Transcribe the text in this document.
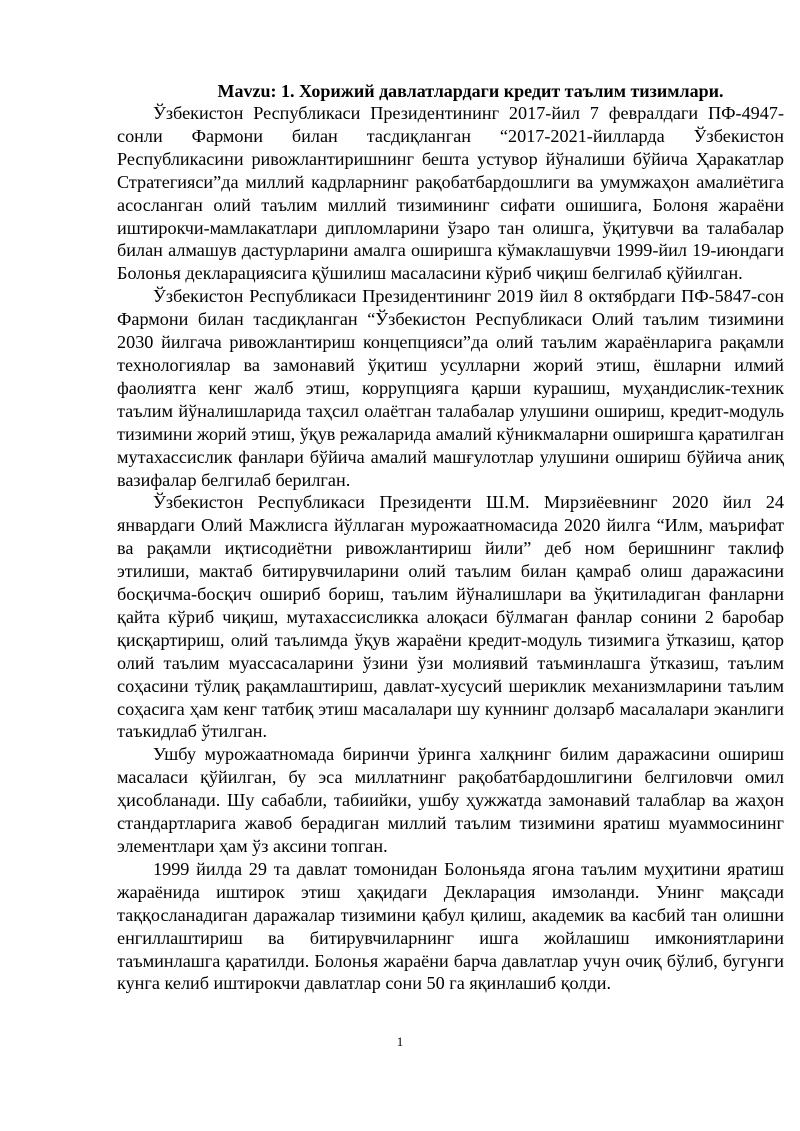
Mavzu: 1. Хорижий давлатлардаги кредит таълим тизимлари.

Ўзбекистон Республикаси Президентининг 2017-йил 7 февралдаги ПФ-4947-сонли Фармони билан тасдиқланган “2017-2021-йилларда Ўзбекистон Республикасини ривожлантиришнинг бешта устувор йўналиши бўйича Ҳаракатлар Стратегияси”да миллий кадрларнинг рақобатбардошлиги ва умумжаҳон амалиётига асосланган олий таълим миллий тизимининг сифати ошишига, Болоня жараёни иштирокчи-мамлакатлари дипломларини ўзаро тан олишга, ўқитувчи ва талабалар билан алмашув дастурларини амалга оширишга кўмаклашувчи 1999-йил 19-июндаги Болонья декларациясига қўшилиш масаласини кўриб чиқиш белгилаб қўйилган.

Ўзбекистон Республикаси Президентининг 2019 йил 8 октябрдаги ПФ-5847-сон Фармони билан тасдиқланган “Ўзбекистон Республикаси Олий таълим тизимини 2030 йилгача ривожлантириш концепцияси”да олий таълим жараёнларига рақамли технологиялар ва замонавий ўқитиш усулларни жорий этиш, ёшларни илмий фаолиятга кенг жалб этиш, коррупцияга қарши курашиш, муҳандислик-техник таълим йўналишларида таҳсил олаётган талабалар улушини ошириш, кредит-модуль тизимини жорий этиш, ўқув режаларида амалий кўникмаларни оширишга қаратилган мутахассислик фанлари бўйича амалий машғулотлар улушини ошириш бўйича аниқ вазифалар белгилаб берилган.

Ўзбекистон Республикаси Президенти Ш.М. Мирзиёевнинг 2020 йил 24 январдаги Олий Мажлисга йўллаган мурожаатномасида 2020 йилга “Илм, маърифат ва рақамли иқтисодиётни ривожлантириш йили” деб ном беришнинг таклиф этилиши, мактаб битирувчиларини олий таълим билан қамраб олиш даражасини босқичма-босқич ошириб бориш, таълим йўналишлари ва ўқитиладиган фанларни қайта кўриб чиқиш, мутахассисликка алоқаси бўлмаган фанлар сонини 2 баробар қисқартириш, олий таълимда ўқув жараёни кредит-модуль тизимига ўтказиш, қатор олий таълим муассасаларини ўзини ўзи молиявий таъминлашга ўтказиш, таълим соҳасини тўлиқ рақамлаштириш, давлат-хусусий шериклик механизмларини таълим соҳасига ҳам кенг татбиқ этиш масалалари шу куннинг долзарб масалалари эканлиги таъкидлаб ўтилган.

Ушбу мурожаатномада биринчи ўринга халқнинг билим даражасини ошириш масаласи қўйилган, бу эса миллатнинг рақобатбардошлигини белгиловчи омил ҳисобланади. Шу сабабли, табиийки, ушбу ҳужжатда замонавий талаблар ва жаҳон стандартларига жавоб берадиган миллий таълим тизимини яратиш муаммосининг элементлари ҳам ўз аксини топган.

1999 йилда 29 та давлат томонидан Болоньяда ягона таълим муҳитини яратиш жараёнида иштирок этиш ҳақидаги Декларация имзоланди. Унинг мақсади таққосланадиган даражалар тизимини қабул қилиш, академик ва касбий тан олишни енгиллаштириш ва битирувчиларнинг ишга жойлашиш имкониятларини таъминлашга қаратилди. Болонья жараёни барча давлатлар учун очиқ бўлиб, бугунги кунга келиб иштирокчи давлатлар сони 50 га яқинлашиб қолди.

1
